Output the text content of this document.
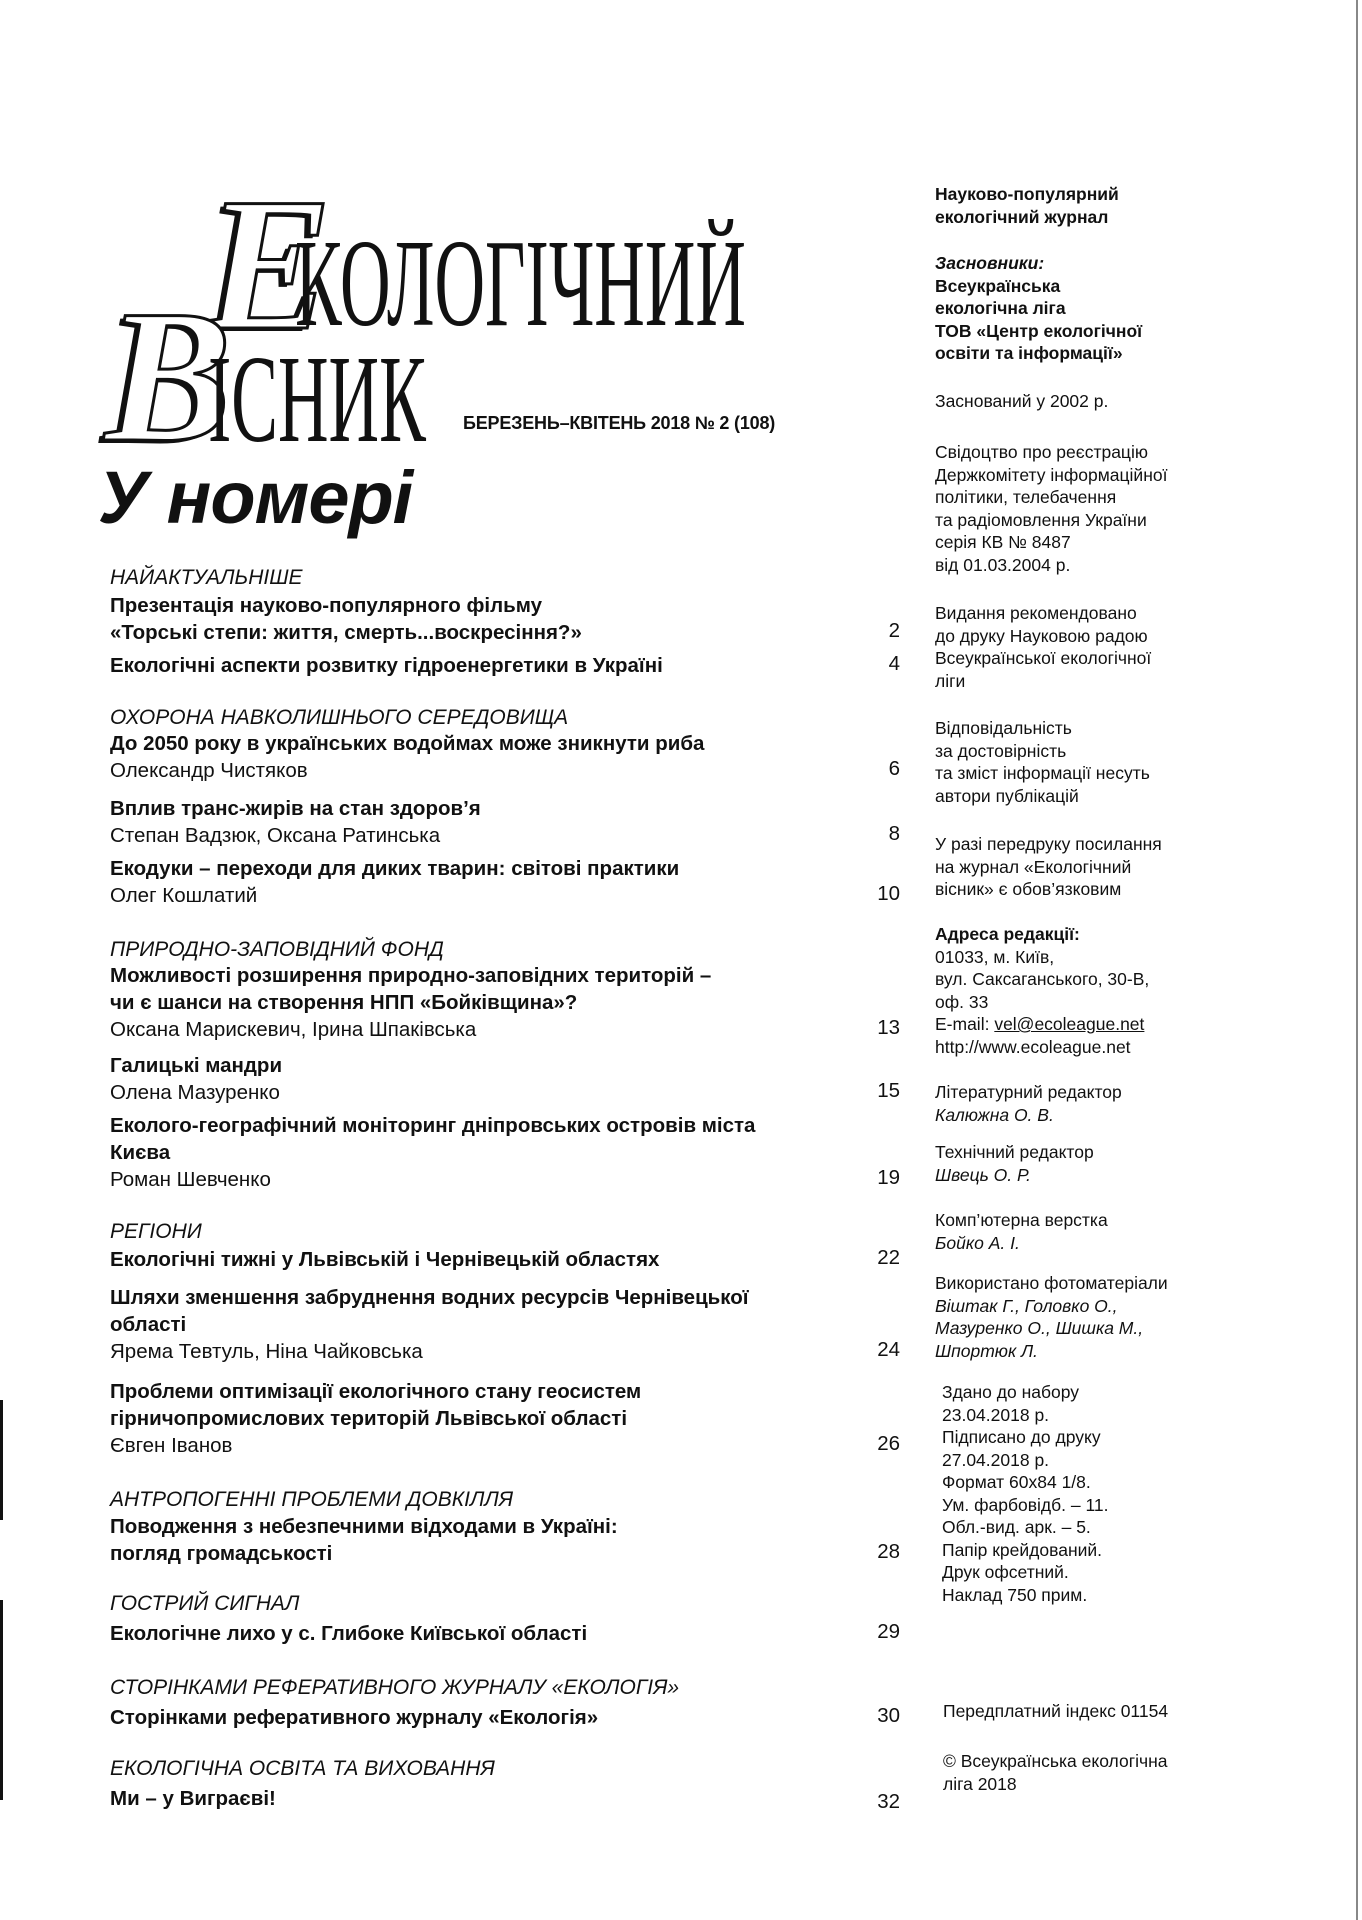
Е
КОЛОГІЧНИЙ
В
ІСНИК БЕРЕЗЕНЬ–КВІТЕНЬ 2018 № 2 (108)
У номері
НАЙАКТУАЛЬНІШЕ
Презентація науково-популярного фільму
«Торські степи: життя, смерть...воскресіння?»	2
Екологічні аспекти розвитку гідроенергетики в Україні	4
ОХОРОНА НАВКОЛИШНЬОГО СЕРЕДОВИЩА
До 2050 року в українських водоймах може зникнути риба
Олександр Чистяков	6
Вплив транс-жирів на стан здоров’я
Степан Вадзюк, Оксана Ратинська	8
Екодуки – переходи для диких тварин: світові практики
Олег Кошлатий	10
ПРИРОДНО-ЗАПОВІДНИЙ ФОНД
Можливості розширення природно-заповідних територій –
чи є шанси на створення НПП «Бойківщина»?
Оксана Марискевич, Ірина Шпаківська	13
Галицькі мандри
Олена Мазуренко	15
Еколого-географічний моніторинг дніпровських островів міста
Києва
Роман Шевченко	19
РЕГІОНИ
Екологічні тижні у Львівській і Чернівецькій областях	22
Шляхи зменшення забруднення водних ресурсів Чернівецької
області
Ярема Тевтуль, Ніна Чайковська	24
Проблеми оптимізації екологічного стану геосистем
гірничопромислових територій Львівської області
Євген Іванов	26
АНТРОПОГЕННІ ПРОБЛЕМИ ДОВКІЛЛЯ
Поводження з небезпечними відходами в Україні:
погляд громадськості	28
ГОСТРИЙ СИГНАЛ
Екологічне лихо у с. Глибоке Київської області	29
СТОРІНКАМИ РЕФЕРАТИВНОГО ЖУРНАЛУ «ЕКОЛОГІЯ»
Сторінками реферативного журналу «Екологія»	30
ЕКОЛОГІЧНА ОСВІТА ТА ВИХОВАННЯ
Ми – у Виграєві!	32
Науково-популярний
екологічний журнал
Засновники:
Всеукраїнська
екологічна ліга
ТОВ «Центр екологічної
освіти та інформації»
Заснований у 2002 р.
Свідоцтво про реєстрацію
Держкомітету інформаційної
політики, телебачення
та радіомовлення України
серія КВ № 8487
від 01.03.2004 р.
Видання рекомендовано
до друку Науковою радою
Всеукраїнської екологічної
ліги
Відповідальність
за достовірність
та зміст інформації несуть
автори публікацій
У разі передруку посилання
на журнал «Екологічний
вісник» є обов’язковим
Адреса редакції:
01033, м. Київ,
вул. Саксаганського, 30-В,
оф. 33
E-mail: vel@ecoleague.net
http://www.ecoleague.net
Літературний редактор
Калюжна О. В.
Технічний редактор
Швець О. Р.
Комп’ютерна верстка
Бойко А. І.
Використано фотоматеріали
Віштак Г., Головко О.,
Мазуренко О., Шишка М.,
Шпортюк Л.
Здано до набору
23.04.2018 р.
Підписано до друку
27.04.2018 р.
Формат 60x84 1/8.
Ум. фарбовідб. – 11.
Обл.-вид. арк. – 5.
Папір крейдований.
Друк офсетний.
Наклад 750 прим.
Передплатний індекс 01154
© Всеукраїнська екологічна
ліга 2018
